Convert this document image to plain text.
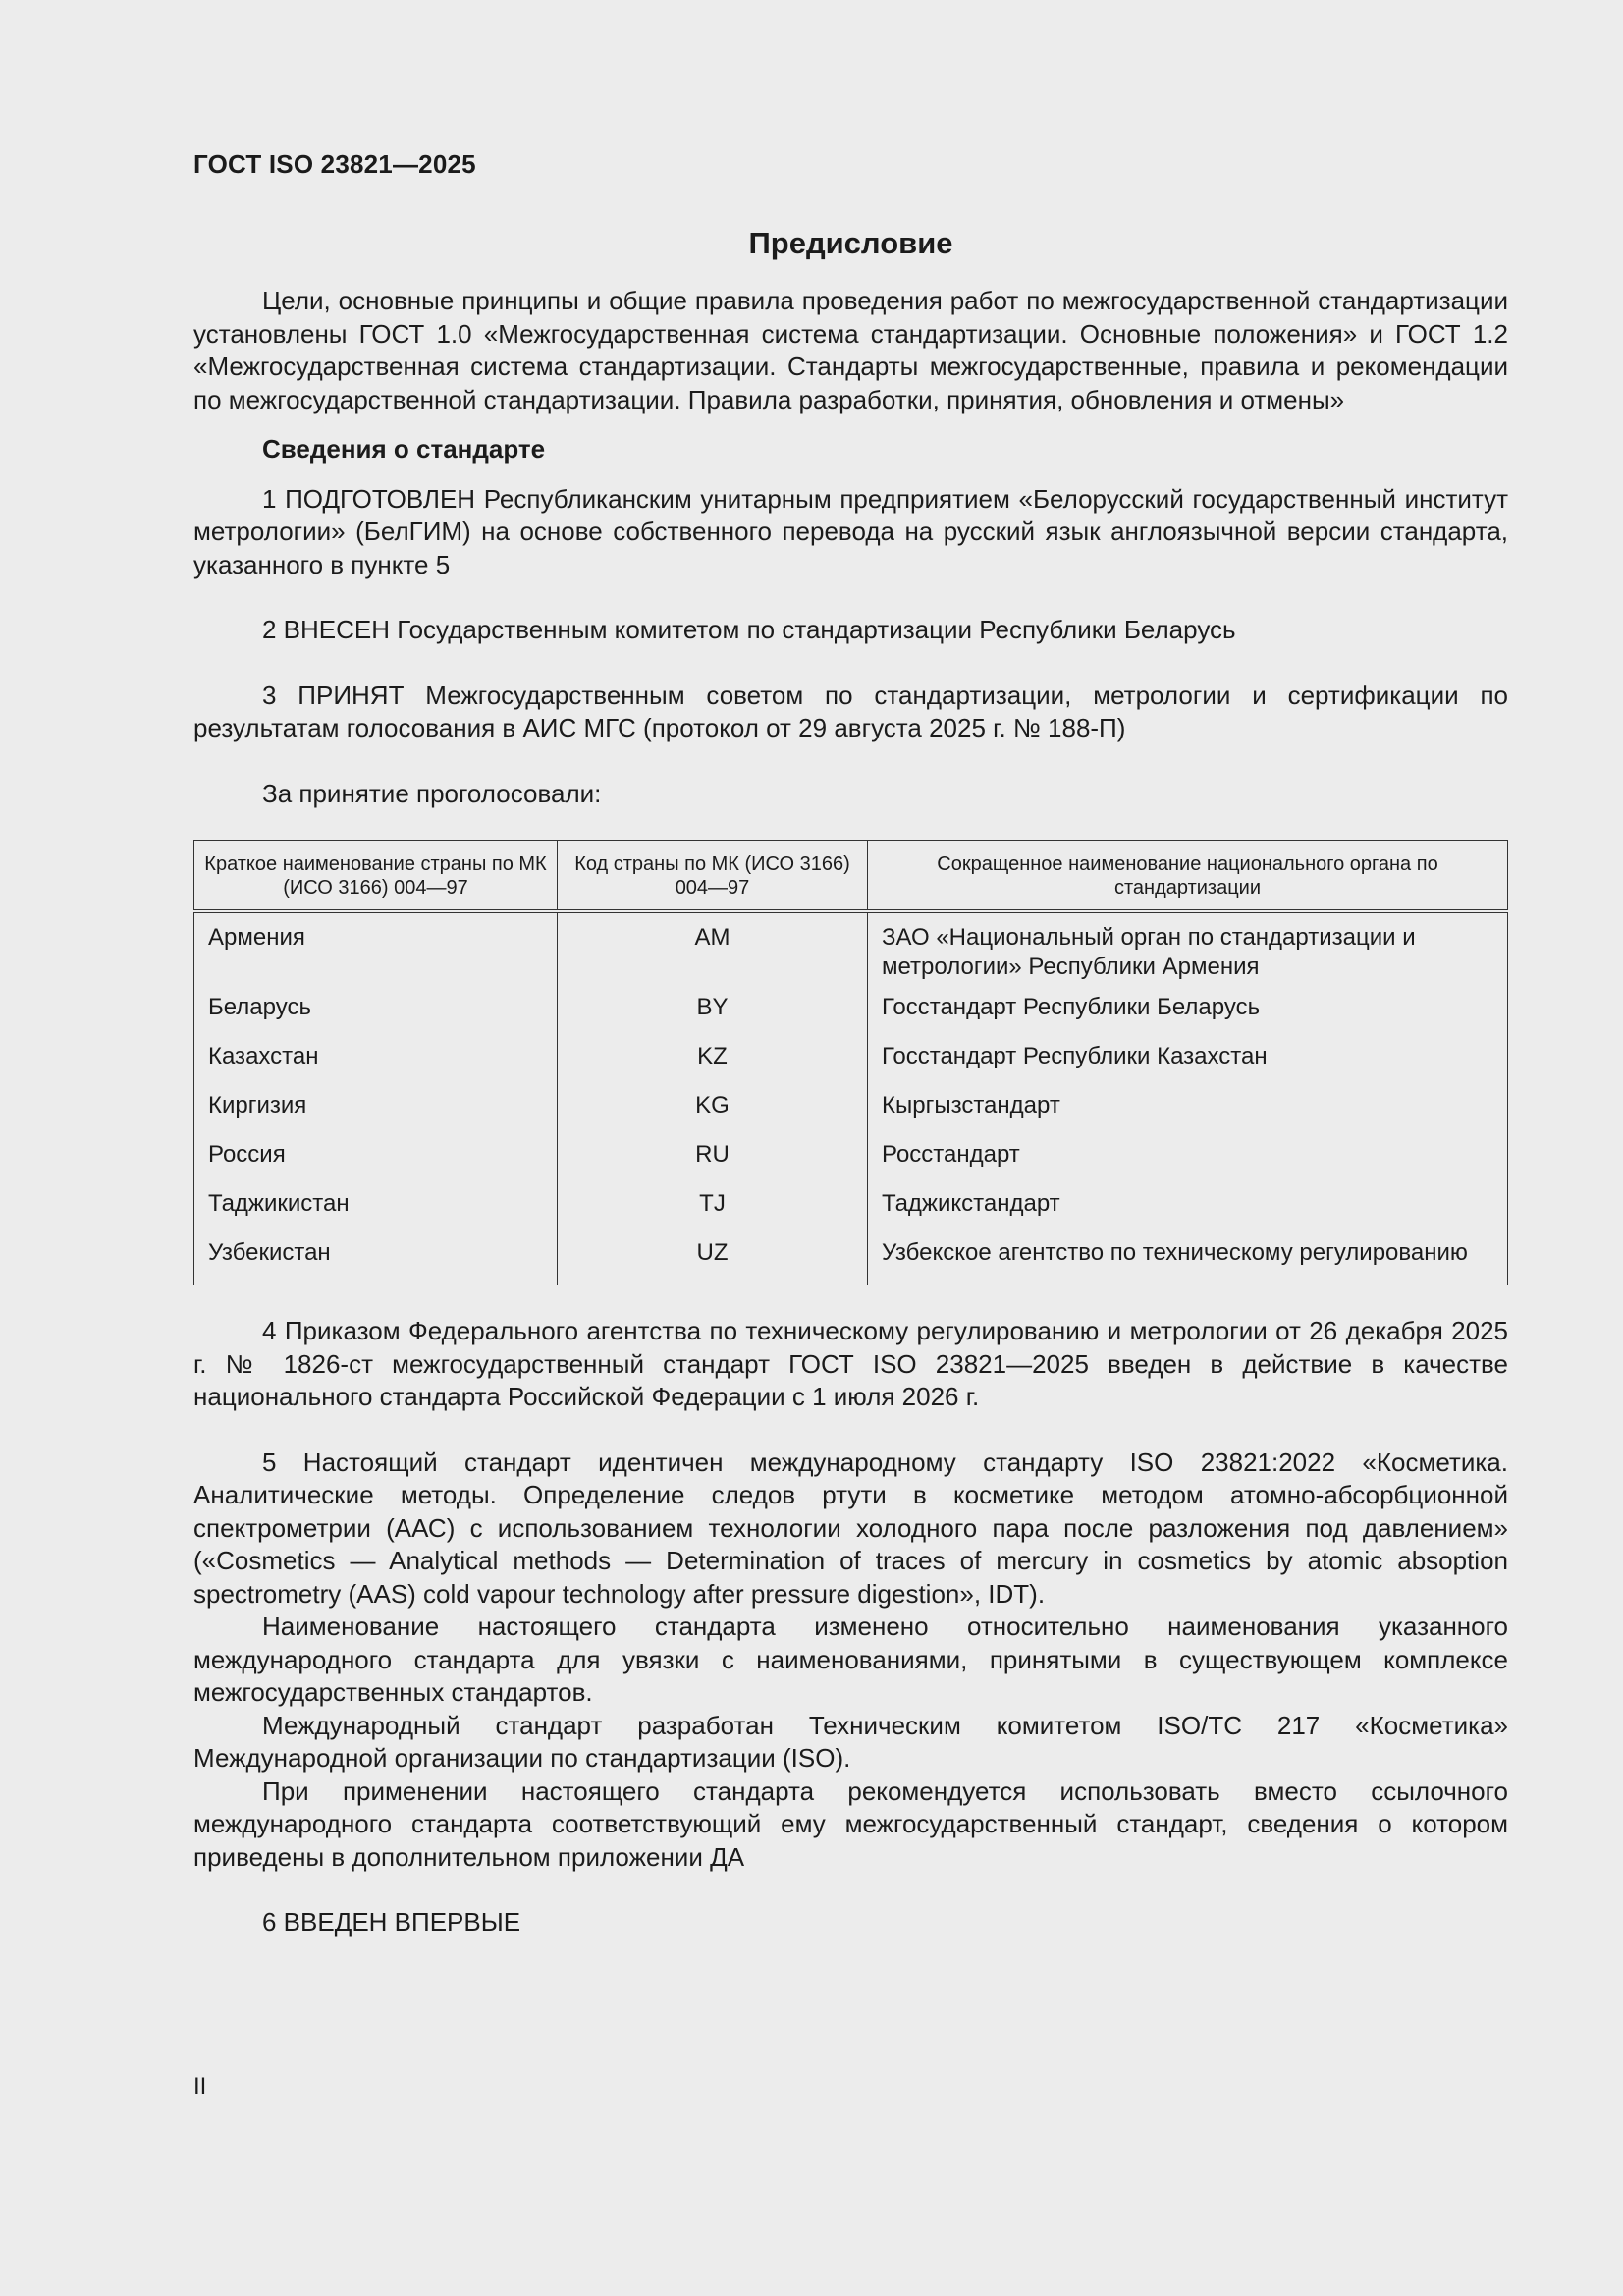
ГОСТ ISO 23821—2025
Предисловие

Цели, основные принципы и общие правила проведения работ по межгосударственной стандартизации установлены ГОСТ 1.0 «Межгосударственная система стандартизации. Основные положения» и ГОСТ 1.2 «Межгосударственная система стандартизации. Стандарты межгосударственные, правила и рекомендации по межгосударственной стандартизации. Правила разработки, принятия, обновления и отмены»

Сведения о стандарте

1 ПОДГОТОВЛЕН Республиканским унитарным предприятием «Белорусский государственный институт метрологии» (БелГИМ) на основе собственного перевода на русский язык англоязычной версии стандарта, указанного в пункте 5

2 ВНЕСЕН Государственным комитетом по стандартизации Республики Беларусь

3 ПРИНЯТ Межгосударственным советом по стандартизации, метрологии и сертификации по результатам голосования в АИС МГС (протокол от 29 августа 2025 г. № 188-П)

За принятие проголосовали:

Краткое наименование страны по МК (ИСО 3166) 004—97	Код страны по МК (ИСО 3166) 004—97	Сокращенное наименование национального органа по стандартизации
Армения	AM	ЗАО «Национальный орган по стандартизации и метрологии» Республики Армения
Беларусь	BY	Госстандарт Республики Беларусь
Казахстан	KZ	Госстандарт Республики Казахстан
Киргизия	KG	Кыргызстандарт
Россия	RU	Росстандарт
Таджикистан	TJ	Таджикстандарт
Узбекистан	UZ	Узбекское агентство по техническому регулированию

4 Приказом Федерального агентства по техническому регулированию и метрологии от 26 декабря 2025 г. № 1826-ст межгосударственный стандарт ГОСТ ISO 23821—2025 введен в действие в качестве национального стандарта Российской Федерации с 1 июля 2026 г.

5 Настоящий стандарт идентичен международному стандарту ISO 23821:2022 «Косметика. Аналитические методы. Определение следов ртути в косметике методом атомно-абсорбционной спектрометрии (ААС) с использованием технологии холодного пара после разложения под давлением» («Cosmetics — Analytical methods — Determination of traces of mercury in cosmetics by atomic absoption spectrometry (AAS) cold vapour technology after pressure digestion», IDT).

Наименование настоящего стандарта изменено относительно наименования указанного международного стандарта для увязки с наименованиями, принятыми в существующем комплексе межгосударственных стандартов.

Международный стандарт разработан Техническим комитетом ISO/TC 217 «Косметика» Международной организации по стандартизации (ISO).

При применении настоящего стандарта рекомендуется использовать вместо ссылочного международного стандарта соответствующий ему межгосударственный стандарт, сведения о котором приведены в дополнительном приложении ДА

6 ВВЕДЕН ВПЕРВЫЕ

II
